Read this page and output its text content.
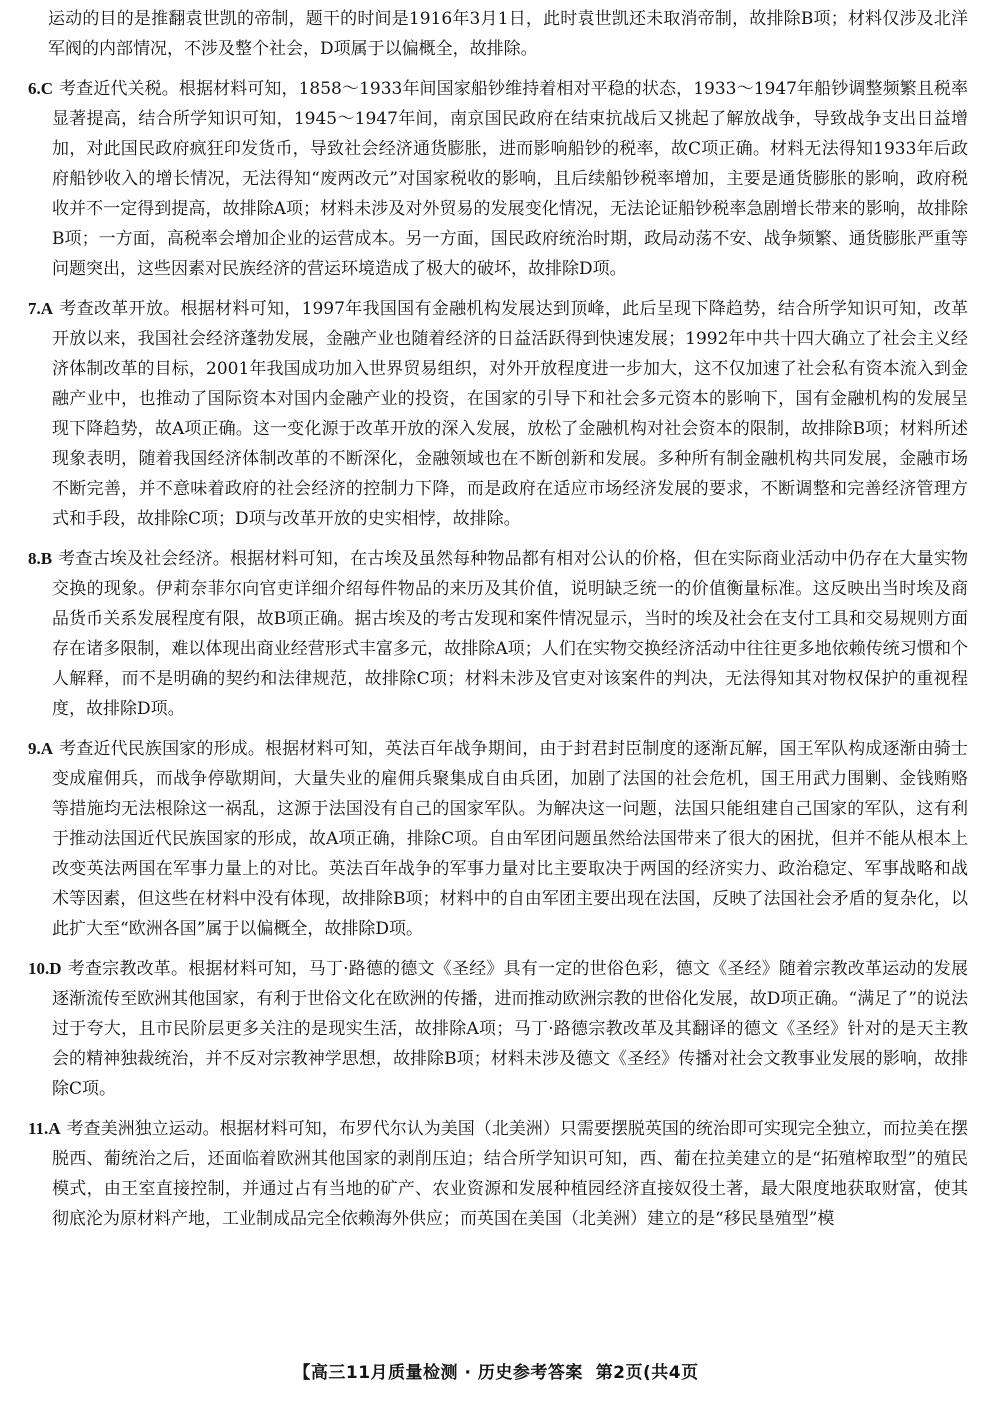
运动的目的是推翻袁世凯的帝制，题干的时间是1916年3月1日，此时袁世凯还未取消帝制，故排除B项；材料仅涉及北洋军阀的内部情况，不涉及整个社会，D项属于以偏概全，故排除。

6.C 考查近代关税。根据材料可知，1858～1933年间国家船钞维持着相对平稳的状态，1933～1947年船钞调整频繁且税率显著提高，结合所学知识可知，1945～1947年间，南京国民政府在结束抗战后又挑起了解放战争，导致战争支出日益增加，对此国民政府疯狂印发货币，导致社会经济通货膨胀，进而影响船钞的税率，故C项正确。材料无法得知1933年后政府船钞收入的增长情况，无法得知“废两改元”对国家税收的影响，且后续船钞税率增加，主要是通货膨胀的影响，政府税收并不一定得到提高，故排除A项；材料未涉及对外贸易的发展变化情况，无法论证船钞税率急剧增长带来的影响，故排除B项；一方面，高税率会增加企业的运营成本。另一方面，国民政府统治时期，政局动荡不安、战争频繁、通货膨胀严重等问题突出，这些因素对民族经济的营运环境造成了极大的破坏，故排除D项。

7.A 考查改革开放。根据材料可知，1997年我国国有金融机构发展达到顶峰，此后呈现下降趋势，结合所学知识可知，改革开放以来，我国社会经济蓬勃发展，金融产业也随着经济的日益活跃得到快速发展；1992年中共十四大确立了社会主义经济体制改革的目标，2001年我国成功加入世界贸易组织，对外开放程度进一步加大，这不仅加速了社会私有资本流入到金融产业中，也推动了国际资本对国内金融产业的投资，在国家的引导下和社会多元资本的影响下，国有金融机构的发展呈现下降趋势，故A项正确。这一变化源于改革开放的深入发展，放松了金融机构对社会资本的限制，故排除B项；材料所述现象表明，随着我国经济体制改革的不断深化，金融领域也在不断创新和发展。多种所有制金融机构共同发展，金融市场不断完善，并不意味着政府的社会经济的控制力下降，而是政府在适应市场经济发展的要求，不断调整和完善经济管理方式和手段，故排除C项；D项与改革开放的史实相悖，故排除。

8.B 考查古埃及社会经济。根据材料可知，在古埃及虽然每种物品都有相对公认的价格，但在实际商业活动中仍存在大量实物交换的现象。伊莉奈菲尔向官吏详细介绍每件物品的来历及其价值，说明缺乏统一的价值衡量标准。这反映出当时埃及商品货币关系发展程度有限，故B项正确。据古埃及的考古发现和案件情况显示，当时的埃及社会在支付工具和交易规则方面存在诸多限制，难以体现出商业经营形式丰富多元，故排除A项；人们在实物交换经济活动中往往更多地依赖传统习惯和个人解释，而不是明确的契约和法律规范，故排除C项；材料未涉及官吏对该案件的判决，无法得知其对物权保护的重视程度，故排除D项。

9.A 考查近代民族国家的形成。根据材料可知，英法百年战争期间，由于封君封臣制度的逐渐瓦解，国王军队构成逐渐由骑士变成雇佣兵，而战争停歇期间，大量失业的雇佣兵聚集成自由兵团，加剧了法国的社会危机，国王用武力围剿、金钱贿赂等措施均无法根除这一祸乱，这源于法国没有自己的国家军队。为解决这一问题，法国只能组建自己国家的军队，这有利于推动法国近代民族国家的形成，故A项正确，排除C项。自由军团问题虽然给法国带来了很大的困扰，但并不能从根本上改变英法两国在军事力量上的对比。英法百年战争的军事力量对比主要取决于两国的经济实力、政治稳定、军事战略和战术等因素，但这些在材料中没有体现，故排除B项；材料中的自由军团主要出现在法国，反映了法国社会矛盾的复杂化，以此扩大至“欧洲各国”属于以偏概全，故排除D项。

10.D 考查宗教改革。根据材料可知，马丁·路德的德文《圣经》具有一定的世俗色彩，德文《圣经》随着宗教改革运动的发展逐渐流传至欧洲其他国家，有利于世俗文化在欧洲的传播，进而推动欧洲宗教的世俗化发展，故D项正确。“满足了”的说法过于夸大，且市民阶层更多关注的是现实生活，故排除A项；马丁·路德宗教改革及其翻译的德文《圣经》针对的是天主教会的精神独裁统治，并不反对宗教神学思想，故排除B项；材料未涉及德文《圣经》传播对社会文教事业发展的影响，故排除C项。

11.A 考查美洲独立运动。根据材料可知，布罗代尔认为美国（北美洲）只需要摆脱英国的统治即可实现完全独立，而拉美在摆脱西、葡统治之后，还面临着欧洲其他国家的剥削压迫；结合所学知识可知，西、葡在拉美建立的是“拓殖榨取型”的殖民模式，由王室直接控制，并通过占有当地的矿产、农业资源和发展种植园经济直接奴役土著，最大限度地获取财富，使其彻底沦为原材料产地，工业制成品完全依赖海外供应；而英国在美国（北美洲）建立的是“移民垦殖型”模

【高三11月质量检测 · 历史参考答案 第2页(共4页
